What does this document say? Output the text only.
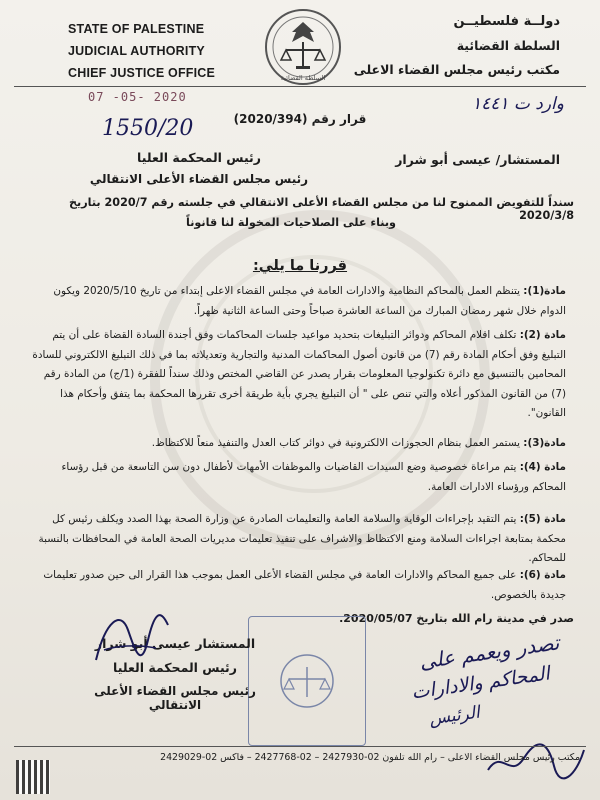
STATE OF PALESTINE
JUDICIAL AUTHORITY
CHIEF JUSTICE OFFICE	السلطة القضائية
دولــة فلسطيــن
السلطة القضائية
مكتب رئيس مجلس القضاء الاعلى
07 -05- 2020	وارد ت ١٤٤١
1550/20	قرار رقم (2020/394)
المستشار/ عيسى أبو شرار
رئيس المحكمة العليا
رئيس مجلس القضاء الأعلى الانتقالي
سنداً للتفويض الممنوح لنا من مجلس القضاء الأعلى الانتقالي في جلسته رقم 2020/7 بتاريخ 2020/3/8
وبناء على الصلاحيات المخولة لنا قانوناً
قررنا ما يلي:
مادة(1): يتنظم العمل بالمحاكم النظامية والادارات العامة في مجلس القضاء الاعلى إبتداء من تاريخ 2020/5/10 ويكون الدوام خلال شهر رمضان المبارك من الساعة العاشرة صباحاً وحتى الساعة الثانية ظهراً.
مادة (2): تكلف اقلام المحاكم ودوائر التبليغات بتحديد مواعيد جلسات المحاكمات وفق أجندة السادة القضاة على أن يتم التبليغ وفق أحكام المادة رقم (7) من قانون أصول المحاكمات المدنية والتجارية وتعديلاته بما في ذلك التبليغ الالكتروني للسادة المحامين بالتنسيق مع دائرة تكنولوجيا المعلومات بقرار يصدر عن القاضي المختص وذلك سنداً للفقرة (1/ج) من المادة رقم (7) من القانون المذكور أعلاه والتي تنص على " أن التبليغ يجري بأية طريقة أخرى تقررها المحكمة بما يتفق وأحكام هذا القانون".
مادة(3): يستمر العمل بنظام الحجوزات الالكترونية في دوائر كتاب العدل والتنفيذ منعاً للاكتظاظ.
مادة (4): يتم مراعاة خصوصية وضع السيدات القاضيات والموظفات الأمهات لأطفال دون سن التاسعة من قبل رؤساء المحاكم ورؤساء الادارات العامة.
مادة (5): يتم التقيد بإجراءات الوقاية والسلامة العامة والتعليمات الصادرة عن وزارة الصحة بهذا الصدد ويكلف رئيس كل محكمة بمتابعة اجراءات السلامة ومنع الاكتظاظ والاشراف على تنفيذ تعليمات مديريات الصحة العامة في المحافظات بالنسبة للمحاكم.
مادة (6): على جميع المحاكم والادارات العامة في مجلس القضاء الأعلى العمل بموجب هذا القرار الى حين صدور تعليمات جديدة بالخصوص.
صدر في مدينة رام الله بتاريخ 2020/05/07.
المستشار عيسى أبو شرار
رئيس المحكمة العليا
رئيس مجلس القضاء الأعلى الانتقالي
تصدر ويعمم على
المحاكم والادارات
الرئيس
مكتب رئيس مجلس القضاء الاعلى – رام الله تلفون 02-2427930 – 02-2427768 – فاكس 02-2429029
